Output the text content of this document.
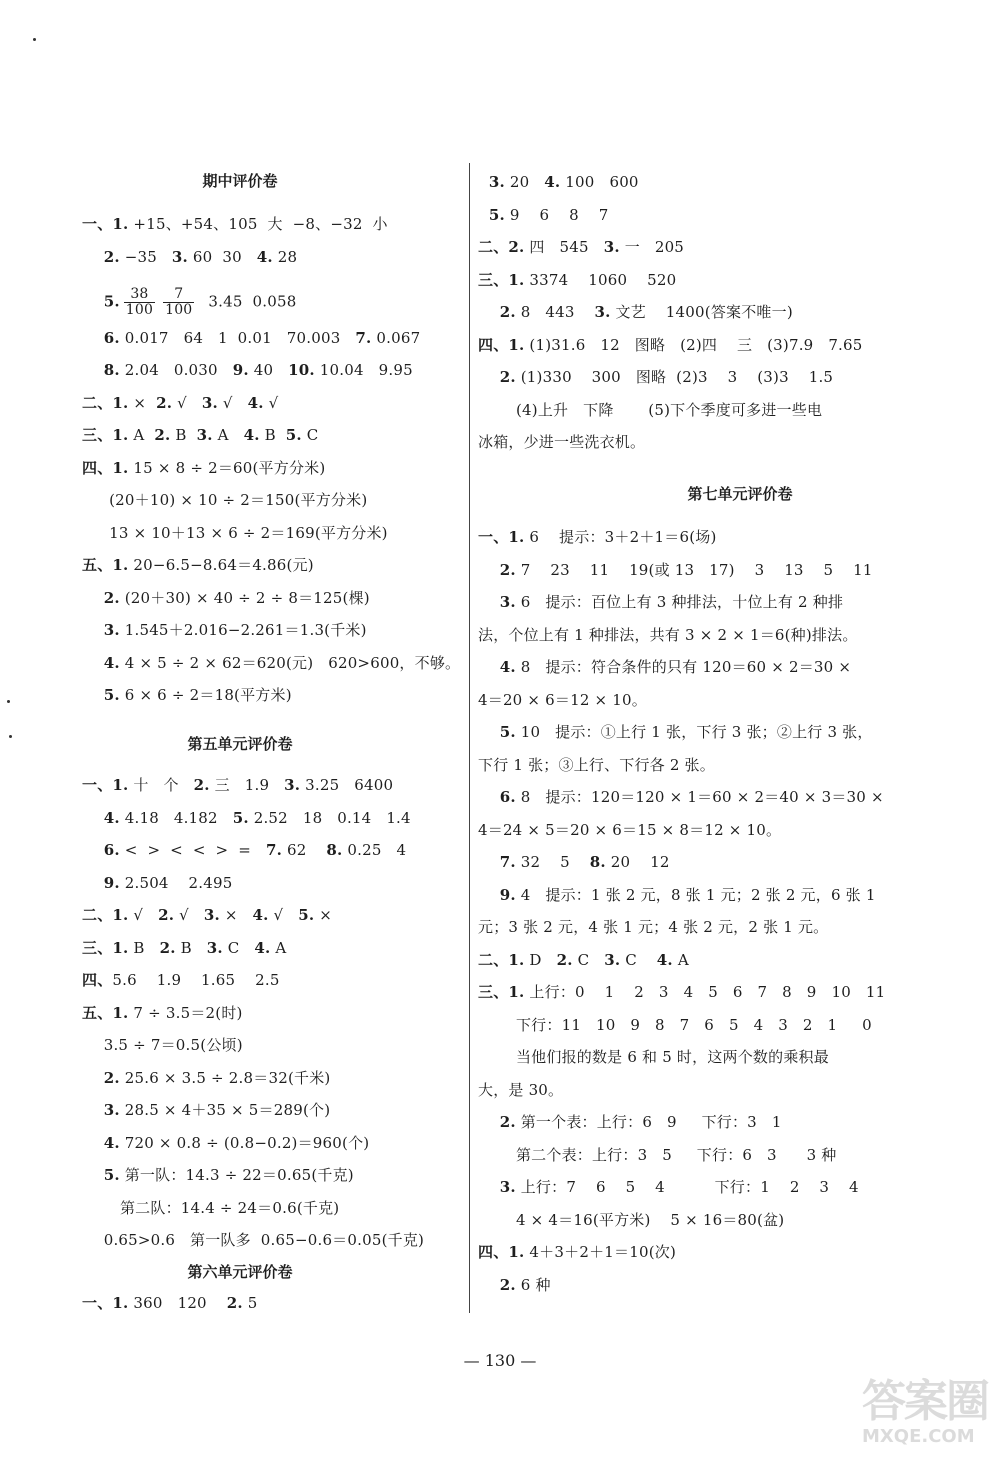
期中评价卷
一、1. +15、+54、105  大  −8、−32  小
2. −35   3. 60  30   4. 28
5. $\frac{38}{100} \frac{7}{100} 3.45$  0.058
6. 0.017   64   1  0.01   70.003   7. 0.067
8. 2.04   0.030   9. 40   10. 10.04   9.95
二、1. ×  2. √   3. √   4. √
三、1. A  2. B  3. A   4. B  5. C
四、1. 15 × 8 ÷ 2＝60(平方分米)
(20＋10) × 10 ÷ 2＝150(平方分米)
13 × 10＋13 × 6 ÷ 2＝169(平方分米)
五、1. 20−6.5−8.64＝4.86(元)
2. (20＋30) × 40 ÷ 2 ÷ 8＝125(棵)
3. 1.545＋2.016−2.261＝1.3(千米)
4. 4 × 5 ÷ 2 × 62＝620(元)   620>600，不够。
5. 6 × 6 ÷ 2＝18(平方米)
第五单元评价卷
一、1. 十   个   2. 三   1.9   3. 3.25   6400
4. 4.18   4.182   5. 2.52   18   0.14   1.4
6. <  >  <  <  >  =   7. 62    8. 0.25   4
9. 2.504    2.495
二、1. √   2. √   3. ×   4. √   5. ×
三、1. B   2. B   3. C   4. A
四、5.6    1.9    1.65    2.5
五、1. 7 ÷ 3.5＝2(时)
3.5 ÷ 7＝0.5(公顷)
2. 25.6 × 3.5 ÷ 2.8＝32(千米)
3. 28.5 × 4＋35 × 5＝289(个)
4. 720 × 0.8 ÷ (0.8−0.2)＝960(个)
5. 第一队：14.3 ÷ 22＝0.65(千克)
第二队：14.4 ÷ 24＝0.6(千克)
0.65>0.6   第一队多  0.65−0.6＝0.05(千克)
第六单元评价卷
一、1. 360   120    2. 5
3. 20   4. 100   600
5. 9    6    8    7
二、2. 四   545   3. 一   205
三、1. 3374    1060    520
2. 8   443    3. 文艺    1400(答案不唯一)
四、1. (1)31.6   12   图略   (2)四    三   (3)7.9   7.65
2. (1)330    300   图略  (2)3    3    (3)3    1.5
(4)上升   下降       (5)下个季度可多进一些电
冰箱，少进一些洗衣机。
第七单元评价卷
一、1. 6    提示：3＋2＋1＝6(场)
2. 7    23    11    19(或 13   17)    3    13    5    11
3. 6   提示：百位上有 3 种排法，十位上有 2 种排
法，个位上有 1 种排法，共有 3 × 2 × 1＝6(种)排法。
4. 8   提示：符合条件的只有 120＝60 × 2＝30 ×
4＝20 × 6＝12 × 10。
5. 10   提示：①上行 1 张，下行 3 张；②上行 3 张，
下行 1 张；③上行、下行各 2 张。
6. 8   提示：120＝120 × 1＝60 × 2＝40 × 3＝30 ×
4＝24 × 5＝20 × 6＝15 × 8＝12 × 10。
7. 32    5    8. 20    12
9. 4   提示：1 张 2 元，8 张 1 元；2 张 2 元，6 张 1
元；3 张 2 元，4 张 1 元；4 张 2 元，2 张 1 元。
二、1. D   2. C   3. C    4. A
三、1. 上行：0    1    2   3   4   5   6   7   8   9   10   11
下行：11   10   9   8   7   6   5   4   3   2   1     0
当他们报的数是 6 和 5 时，这两个数的乘积最
大，是 30。
2. 第一个表：上行：6   9     下行：3   1
第二个表：上行：3   5     下行：6   3      3 种
3. 上行：7    6    5    4          下行：1    2    3    4
4 × 4＝16(平方米)    5 × 16＝80(盆)
四、1. 4＋3＋2＋1＝10(次)
2. 6 种
— 130 —
答案圈
MXQE.COM
